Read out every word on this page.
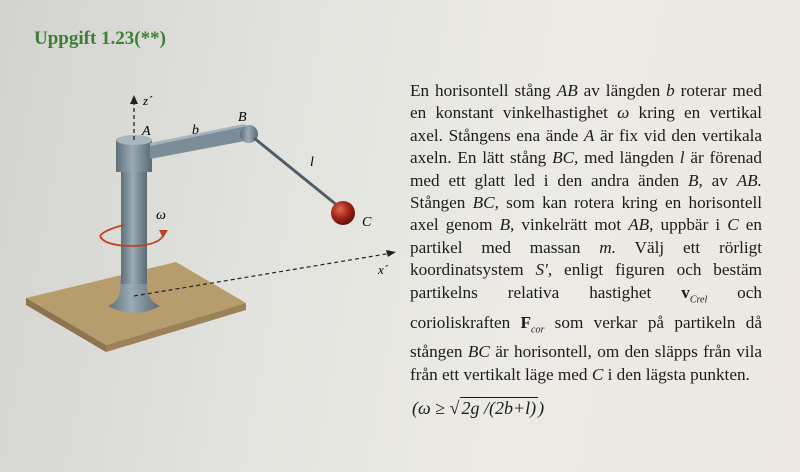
Uppgift 1.23(**)
z´
A	b
B
l
C
x´
ω

En horisontell stång AB av längden b roterar med en konstant vinkelhastighet ω kring en vertikal axel. Stångens ena ände A är fix vid den vertikala axeln. En lätt stång BC, med längden l är förenad med ett glatt led i den andra änden B, av AB. Stången BC, som kan rotera kring en horisontell axel genom B, vinkelrätt mot AB, uppbär i C en partikel med massan m. Välj ett rörligt koordinatsystem S′, enligt figuren och bestäm partikelns relativa hastighet $v_{Crel}$ och corioliskraften $F_{cor}$ som verkar på partikeln då stången BC är horisontell, om den släpps från vila från ett vertikalt läge med C i den lägsta punkten.

(ω ≥ √ 2g /(2b+l) )
